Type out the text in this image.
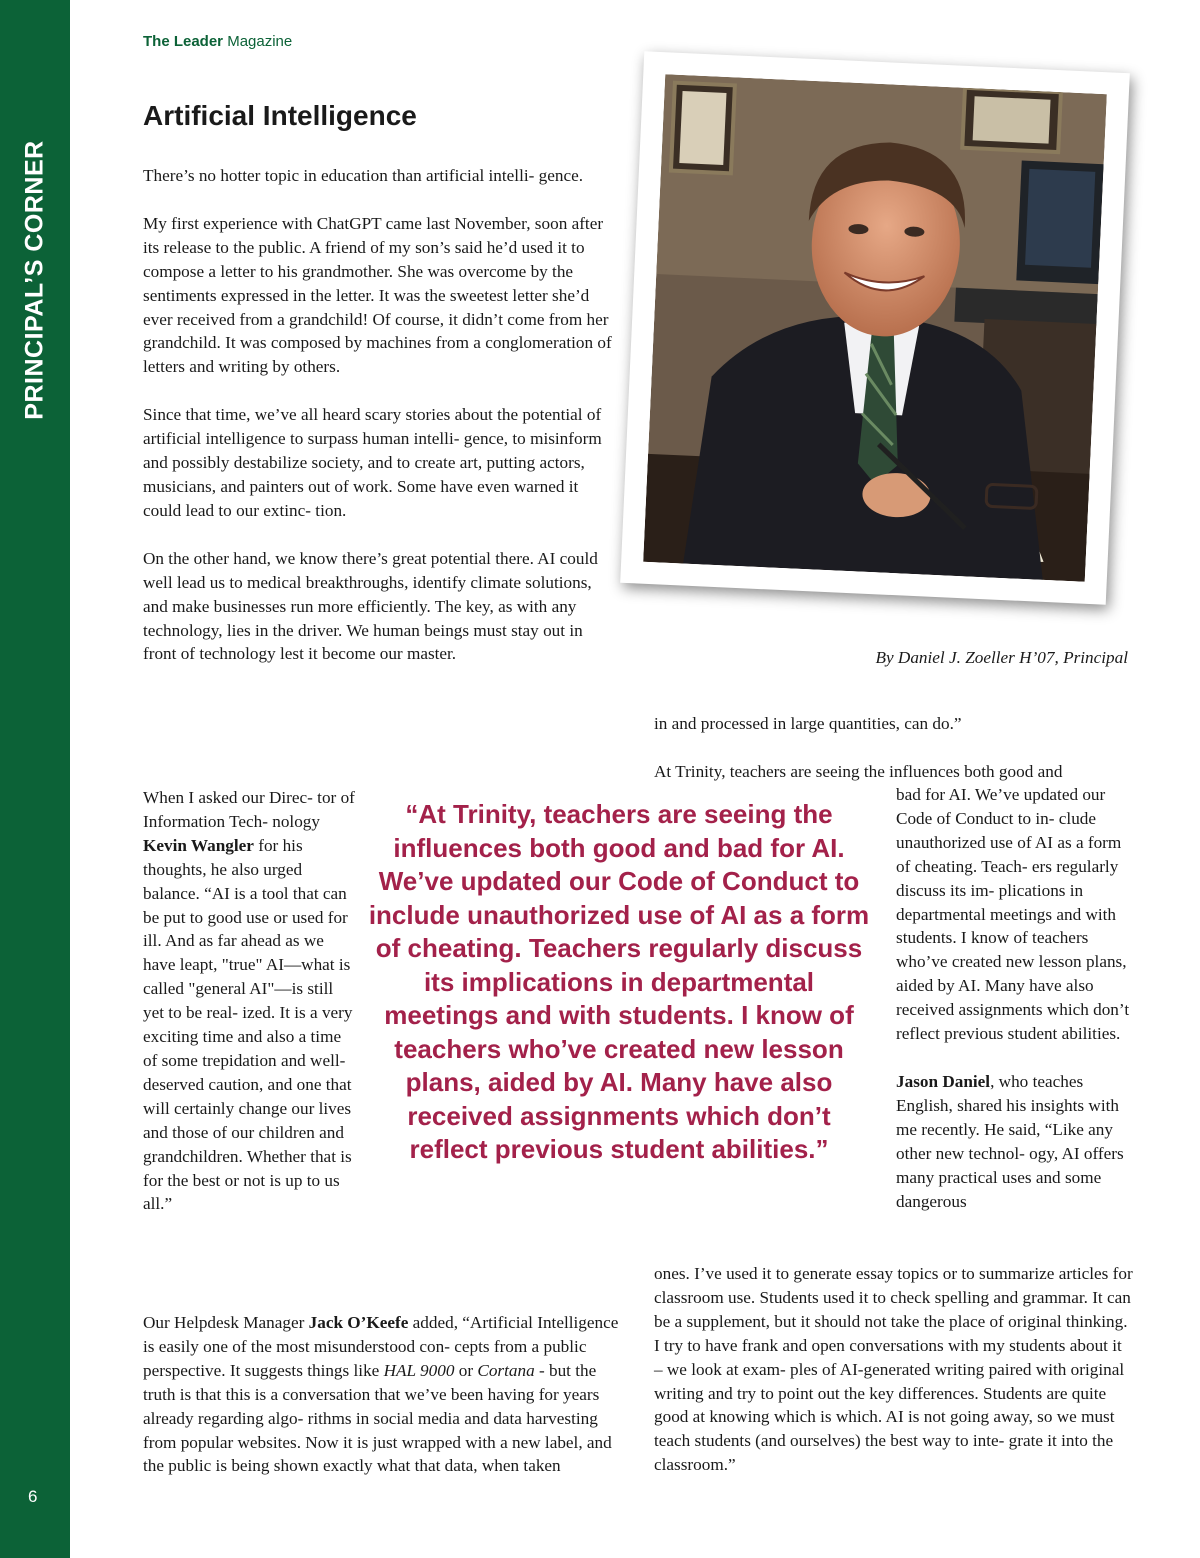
PRINCIPAL’S CORNER
6
The Leader Magazine
Artificial Intelligence

There’s no hotter topic in education than artificial intelli- gence.

My first experience with ChatGPT came last November, soon after its release to the public. A friend of my son’s said he’d used it to compose a letter to his grandmother. She was overcome by the sentiments expressed in the letter. It was the sweetest letter she’d ever received from a grandchild! Of course, it didn’t come from her grandchild. It was composed by machines from a conglomeration of letters and writing by others.

Since that time, we’ve all heard scary stories about the potential of artificial intelligence to surpass human intelli- gence, to misinform and possibly destabilize society, and to create art, putting actors, musicians, and painters out of work. Some have even warned it could lead to our extinc- tion.

On the other hand, we know there’s great potential there. AI could well lead us to medical breakthroughs, identify climate solutions, and make businesses run more efficiently. The key, as with any technology, lies in the driver. We human beings must stay out in front of technology lest it become our master.

When I asked our Direc- tor of Information Tech- nology Kevin Wangler for his thoughts, he also urged balance. “AI is a tool that can be put to good use or used for ill. And as far ahead as we have leapt, "true" AI—what is called "general AI"—is still yet to be real- ized. It is a very exciting time and also a time of some trepidation and well-deserved caution, and one that will certainly change our lives and those of our children and grandchildren. Whether that is for the best or not is up to us all.”

Our Helpdesk Manager Jack O’Keefe added, “Artificial Intelligence is easily one of the most misunderstood con- cepts from a public perspective. It suggests things like HAL 9000 or Cortana - but the truth is that this is a conversation that we’ve been having for years already regarding algo- rithms in social media and data harvesting from popular websites. Now it is just wrapped with a new label, and the public is being shown exactly what that data, when taken

By Daniel J. Zoeller H’07, Principal

in and processed in large quantities, can do.”

At Trinity, teachers are seeing the influences both good and

bad for AI. We’ve updated our Code of Conduct to in- clude unauthorized use of AI as a form of cheating. Teach- ers regularly discuss its im- plications in departmental meetings and with students. I know of teachers who’ve created new lesson plans, aided by AI. Many have also received assignments which don’t reflect previous student abilities.

Jason Daniel, who teaches English, shared his insights with me recently. He said, “Like any other new technol- ogy, AI offers many practical uses and some dangerous

ones. I’ve used it to generate essay topics or to summarize articles for classroom use. Students used it to check spelling and grammar. It can be a supplement, but it should not take the place of original thinking. I try to have frank and open conversations with my students about it – we look at exam- ples of AI-generated writing paired with original writing and try to point out the key differences. Students are quite good at knowing which is which. AI is not going away, so we must teach students (and ourselves) the best way to inte- grate it into the classroom.”

“At Trinity, teachers are seeing the influences both good and bad for AI. We’ve updated our Code of Conduct to include unauthorized use of AI as a form of cheating. Teachers regularly discuss its implications in departmental meetings and with students. I know of teachers who’ve created new lesson plans, aided by AI. Many have also received assignments which don’t reflect previous student abilities.”
